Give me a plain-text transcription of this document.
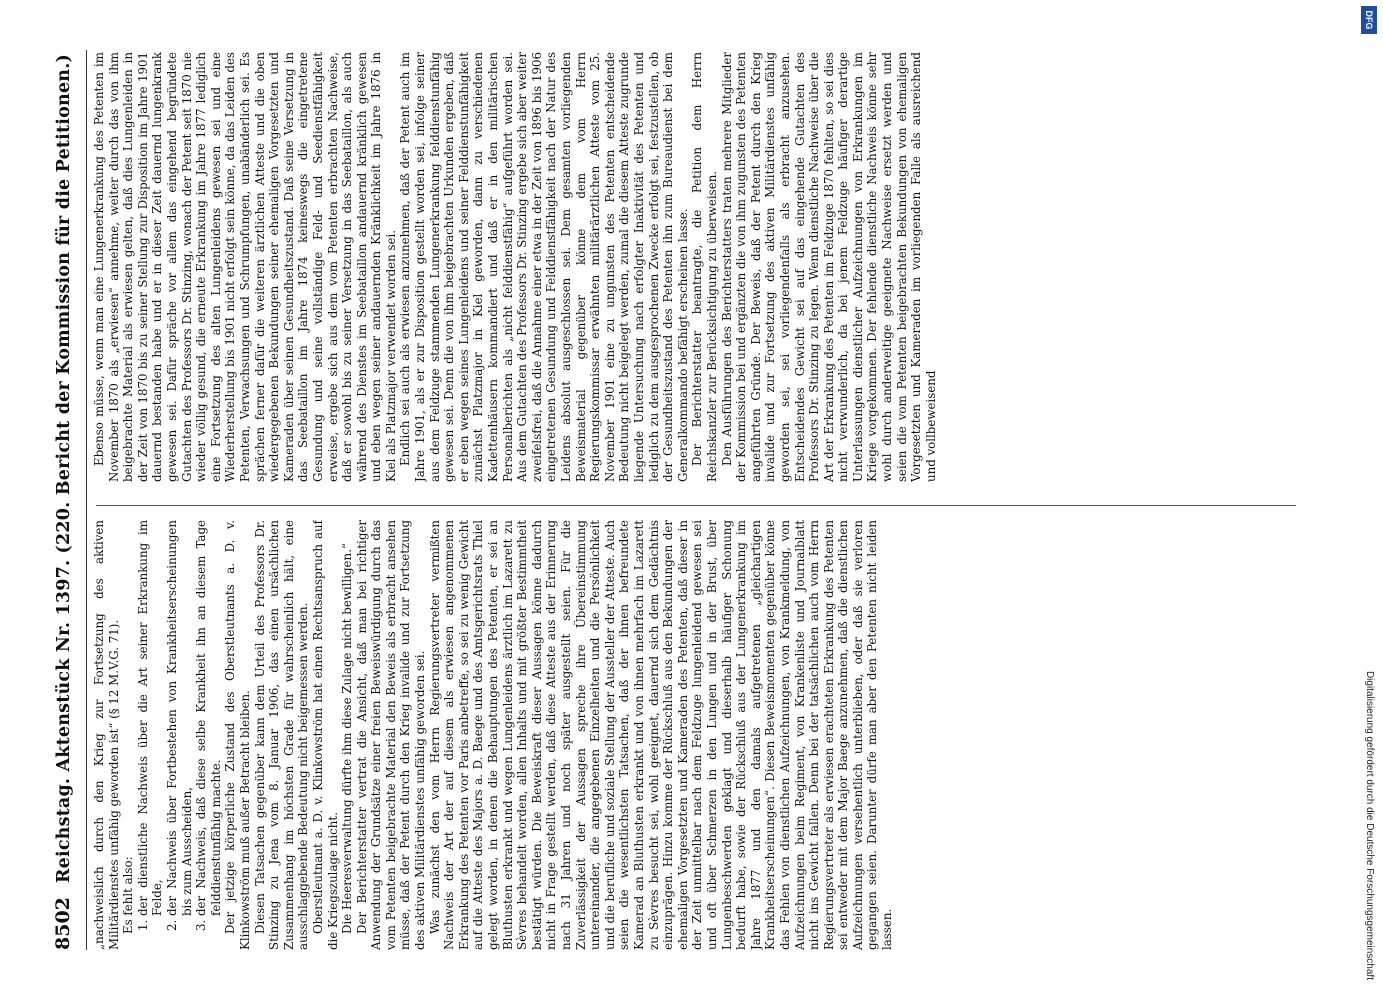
8502
Reichstag. Aktenstück Nr. 1397. (220. Bericht der Kommission für die Petitionen.) „nachweislich durch den Krieg zur Fortsetzung des aktiven Militärdienstes unfähig geworden ist“ (§ 12 M.V.G. 71). Es fehlt also: 1. der dienstliche Nachweis über die Art seiner Erkrankung im Felde, 2. der Nachweis über Fortbestehen von Krankheitserscheinungen bis zum Ausscheiden, 3. der Nachweis, daß diese selbe Krankheit ihn an diesem Tage felddienstunfähig machte. Der jetzige körperliche Zustand des Oberstleutnants a. D. v. Klinkowström muß außer Betracht bleiben. Diesen Tatsachen gegenüber kann dem Urteil des Professors Dr. Stinzing zu Jena vom 8. Januar 1906, das einen ursächlichen Zusammenhang im höchsten Grade für wahrscheinlich hält, eine ausschlaggebende Bedeutung nicht beigemessen werden. Oberstleutnant a. D. v. Klinkowström hat einen Rechtsanspruch auf die Kriegszulage nicht. Die Heeresverwaltung dürfte ihm diese Zulage nicht bewilligen.“ Der Berichterstatter vertrat die Ansicht, daß man bei richtiger Anwendung der Grundsätze einer freien Beweiswürdigung durch das vom Petenten beigebrachte Material den Beweis als erbracht ansehen müsse, daß der Petent durch den Krieg invalide und zur Fortsetzung des aktiven Militärdienstes unfähig geworden sei. Was zunächst den vom Herrn Regierungsvertreter vermißten Nachweis der Art der auf diesem als erwiesen angenommenen Erkrankung des Petenten vor Paris anbetreffe, so sei zu wenig Gewicht auf die Atteste des Majors a. D. Baege und des Amtsgerichtsrats Thiel gelegt worden, in denen die Behauptungen des Petenten, er sei an Bluthusten erkrankt und wegen Lungenleidens ärztlich im Lazarett zu Sèvres behandelt worden, allen Inhalts und mit größter Bestimmtheit bestätigt würden. Die Beweiskraft dieser Aussagen könne dadurch nicht in Frage gestellt werden, daß diese Atteste aus der Erinnerung nach 31 Jahren und noch später ausgestellt seien. Für die Zuverlässigkeit der Aussagen spreche ihre Übereinstimmung untereinander, die angegebenen Einzelheiten und die Persönlichkeit und die berufliche und soziale Stellung der Aussteller der Atteste. Auch seien die wesentlichsten Tatsachen, daß der ihnen befreundete Kamerad an Bluthusten erkrankt und von ihnen mehrfach im Lazarett zu Sèvres besucht sei, wohl geeignet, dauernd sich dem Gedächtnis einzuprägen. Hinzu komme der Rückschluß aus den Bekundungen der ehemaligen Vorgesetzten und Kameraden des Petenten, daß dieser in der Zeit unmittelbar nach dem Feldzuge lungenleidend gewesen sei und oft über Schmerzen in den Lungen und in der Brust, über Lungenbeschwerden geklagt und dieserhalb häufiger Schonung bedurft habe, sowie der Rückschluß aus der Lungenerkrankung im Jahre 1877 und den damals aufgetretenen „gleichartigen Krankheitserscheinungen“. Diesen Beweismomenten gegenüber könne das Fehlen von dienstlichen Aufzeichnungen, von Krankmeldung, von Aufzeichnungen beim Regiment, von Krankenliste und Journalblatt nicht ins Gewicht fallen. Denn bei der tatsächlichen auch vom Herrn Regierungsvertreter als erwiesen erachteten Erkrankung des Petenten sei entweder mit dem Major Baege anzunehmen, daß die dienstlichen Aufzeichnungen versehentlich unterblieben, oder daß sie verloren gegangen seien. Darunter dürfe man aber den Petenten nicht leiden lassen.

Ebenso müsse, wenn man eine Lungenerkrankung des Petenten im November 1870 als „erwiesen“ annehme, weiter durch das von ihm beigebrachte Material als erwiesen gelten, daß dies Lungenleiden in der Zeit von 1870 bis zu seiner Stellung zur Disposition im Jahre 1901 dauernd bestanden habe und er in dieser Zeit dauernd lungenkrank gewesen sei. Dafür spräche vor allem das eingehend begründete Gutachten des Professors Dr. Stinzing, wonach der Petent seit 1870 nie wieder völlig gesund, die erneute Erkrankung im Jahre 1877 lediglich eine Fortsetzung des alten Lungenleidens gewesen sei und eine Wiederherstellung bis 1901 nicht erfolgt sein könne, da das Leiden des Petenten, Verwachsungen und Schrumpfungen, unabänderlich sei. Es sprächen ferner dafür die weiteren ärztlichen Atteste und die oben wiedergegebenen Bekundungen seiner ehemaligen Vorgesetzten und Kameraden über seinen Gesundheitszustand. Daß seine Versetzung in das Seebataillon im Jahre 1874 keineswegs die eingetretene Gesundung und seine vollständige Feld- und Seedienstfähigkeit erweise, ergebe sich aus dem vom Petenten erbrachten Nachweise, daß er sowohl bis zu seiner Versetzung in das Seebataillon, als auch während des Dienstes im Seebataillon andauernd kränklich gewesen und eben wegen seiner andauernden Kränklichkeit im Jahre 1876 in Kiel als Platzmajor verwendet worden sei. Endlich sei auch als erwiesen anzunehmen, daß der Petent auch im Jahre 1901, als er zur Disposition gestellt worden sei, infolge seiner aus dem Feldzuge stammenden Lungenerkrankung felddienstunfähig gewesen sei. Denn die von ihm beigebrachten Urkunden ergeben, daß er eben wegen seines Lungenleidens und seiner Felddienstunfähigkeit zunächst Platzmajor in Kiel geworden, dann zu verschiedenen Kadettenhäusern kommandiert und daß er in den militärischen Personalberichten als „nicht felddienstfähig“ aufgeführt worden sei. Aus dem Gutachten des Professors Dr. Stinzing ergebe sich aber weiter zweifelsfrei, daß die Annahme einer etwa in der Zeit von 1896 bis 1906 eingetretenen Gesundung und Felddienstfähigkeit nach der Natur des Leidens absolut ausgeschlossen sei. Dem gesamten vorliegenden Beweismaterial gegenüber könne dem vom Herrn Regierungskommissar erwähnten militärärztlichen Atteste vom 25. November 1901 eine zu ungunsten des Petenten entscheidende Bedeutung nicht beigelegt werden, zumal die diesem Atteste zugrunde liegende Untersuchung nach erfolgter Inaktivität des Petenten und lediglich zu dem ausgesprochenen Zwecke erfolgt sei, festzustellen, ob der Gesundheitszustand des Petenten ihn zum Bureaudienst bei dem Generalkommando befähigt erscheinen lasse. Der Berichterstatter beantragte, die Petition dem Herrn Reichskanzler zur Berücksichtigung zu überweisen. Den Ausführungen des Berichterstatters traten mehrere Mitglieder der Kommission bei und ergänzten die von ihm zugunsten des Petenten angeführten Gründe. Der Beweis, daß der Petent durch den Krieg invalide und zur Fortsetzung des aktiven Militärdienstes unfähig geworden sei, sei vorliegendenfalls als erbracht anzusehen. Entscheidendes Gewicht sei auf das eingehende Gutachten des Professors Dr. Stinzing zu legen. Wenn dienstliche Nachweise über die Art der Erkrankung des Petenten im Feldzuge 1870 fehlten, so sei dies nicht verwunderlich, da bei jenem Feldzuge häufiger derartige Unterlassungen dienstlicher Aufzeichnungen von Erkrankungen im Kriege vorgekommen. Der fehlende dienstliche Nachweis könne sehr wohl durch anderweitige geeignete Nachweise ersetzt werden und seien die vom Petenten beigebrachten Bekundungen von ehemaligen Vorgesetzten und Kameraden im vorliegenden Falle als ausreichend und vollbeweisend

DFG
Digitalisierung gefördert durch die Deutsche Forschungsgemeinschaft
